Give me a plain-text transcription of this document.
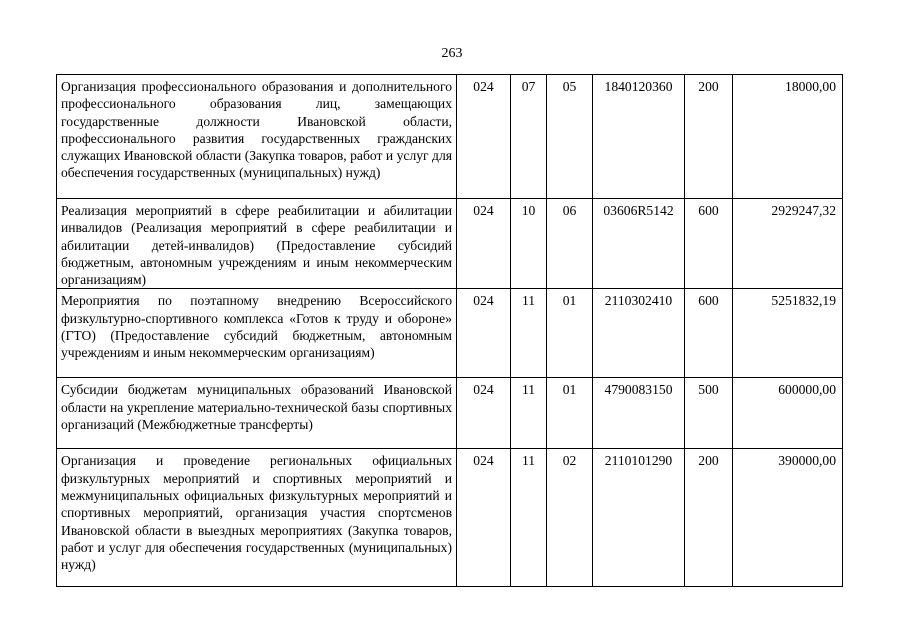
263
Организация профессионального образования и дополнительного профессионального образования лиц, замещающих государственные должности Ивановской области, профессионального развития государственных гражданских служащих Ивановской области (Закупка товаров, работ и услуг для обеспечения государственных (муниципальных) нужд)	024	07	05	1840120360	200	18000,00
Реализация мероприятий в сфере реабилитации и абилитации инвалидов (Реализация мероприятий в сфере реабилитации и абилитации детей-инвалидов) (Предоставление субсидий бюджетным, автономным учреждениям и иным некоммерческим организациям)	024	10	06	03606R5142	600	2929247,32
Мероприятия по поэтапному внедрению Всероссийского физкультурно-спортивного комплекса «Готов к труду и обороне» (ГТО) (Предоставление субсидий бюджетным, автономным учреждениям и иным некоммерческим организациям)	024	11	01	2110302410	600	5251832,19
Субсидии бюджетам муниципальных образований Ивановской области на укрепление материально-технической базы спортивных организаций (Межбюджетные трансферты)	024	11	01	4790083150	500	600000,00
Организация и проведение региональных официальных физкультурных мероприятий и спортивных мероприятий и межмуниципальных официальных физкультурных мероприятий и спортивных мероприятий, организация участия спортсменов Ивановской области в выездных мероприятиях (Закупка товаров, работ и услуг для обеспечения государственных (муниципальных) нужд)	024	11	02	2110101290	200	390000,00
